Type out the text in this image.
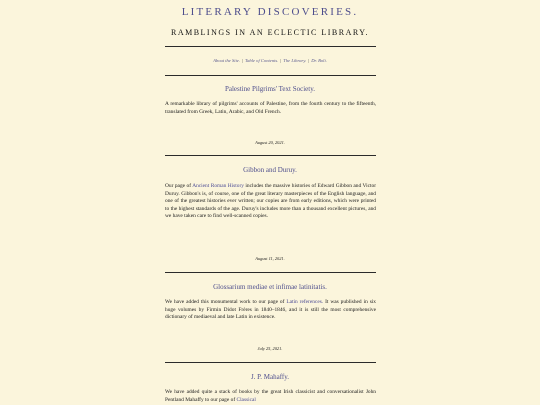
LITERARY DISCOVERIES.
RAMBLINGS IN AN ECLECTIC LIBRARY.
About the Site. | Table of Contents. | The Library. | Dr. Boli.
Palestine Pilgrims' Text Society.
A remarkable library of pilgrims' accounts of Palestine, from the fourth century to the fifteenth, translated from Greek, Latin, Arabic, and Old French.
August 20, 2021.
Gibbon and Duruy.
Our page of Ancient Roman History includes the massive histories of Edward Gibbon and Victor Duruy. Gibbon's is, of course, one of the great literary masterpieces of the English language, and one of the greatest histories ever written; our copies are from early editions, which were printed to the highest standards of the age. Duruy's includes more than a thousand excellent pictures, and we have taken care to find well-scanned copies.
August 11, 2021.
Glossarium mediae et infimae latinitatis.
We have added this monumental work to our page of Latin references. It was published in six huge volumes by Firmin Didot Frères in 1840–1846, and it is still the most comprehensive dictionary of mediaeval and late Latin in existence.
July 25, 2021.
J. P. Mahaffy.
We have added quite a stack of books by the great Irish classicist and conversationalist John Pentland Mahaffy to our page of Classical
